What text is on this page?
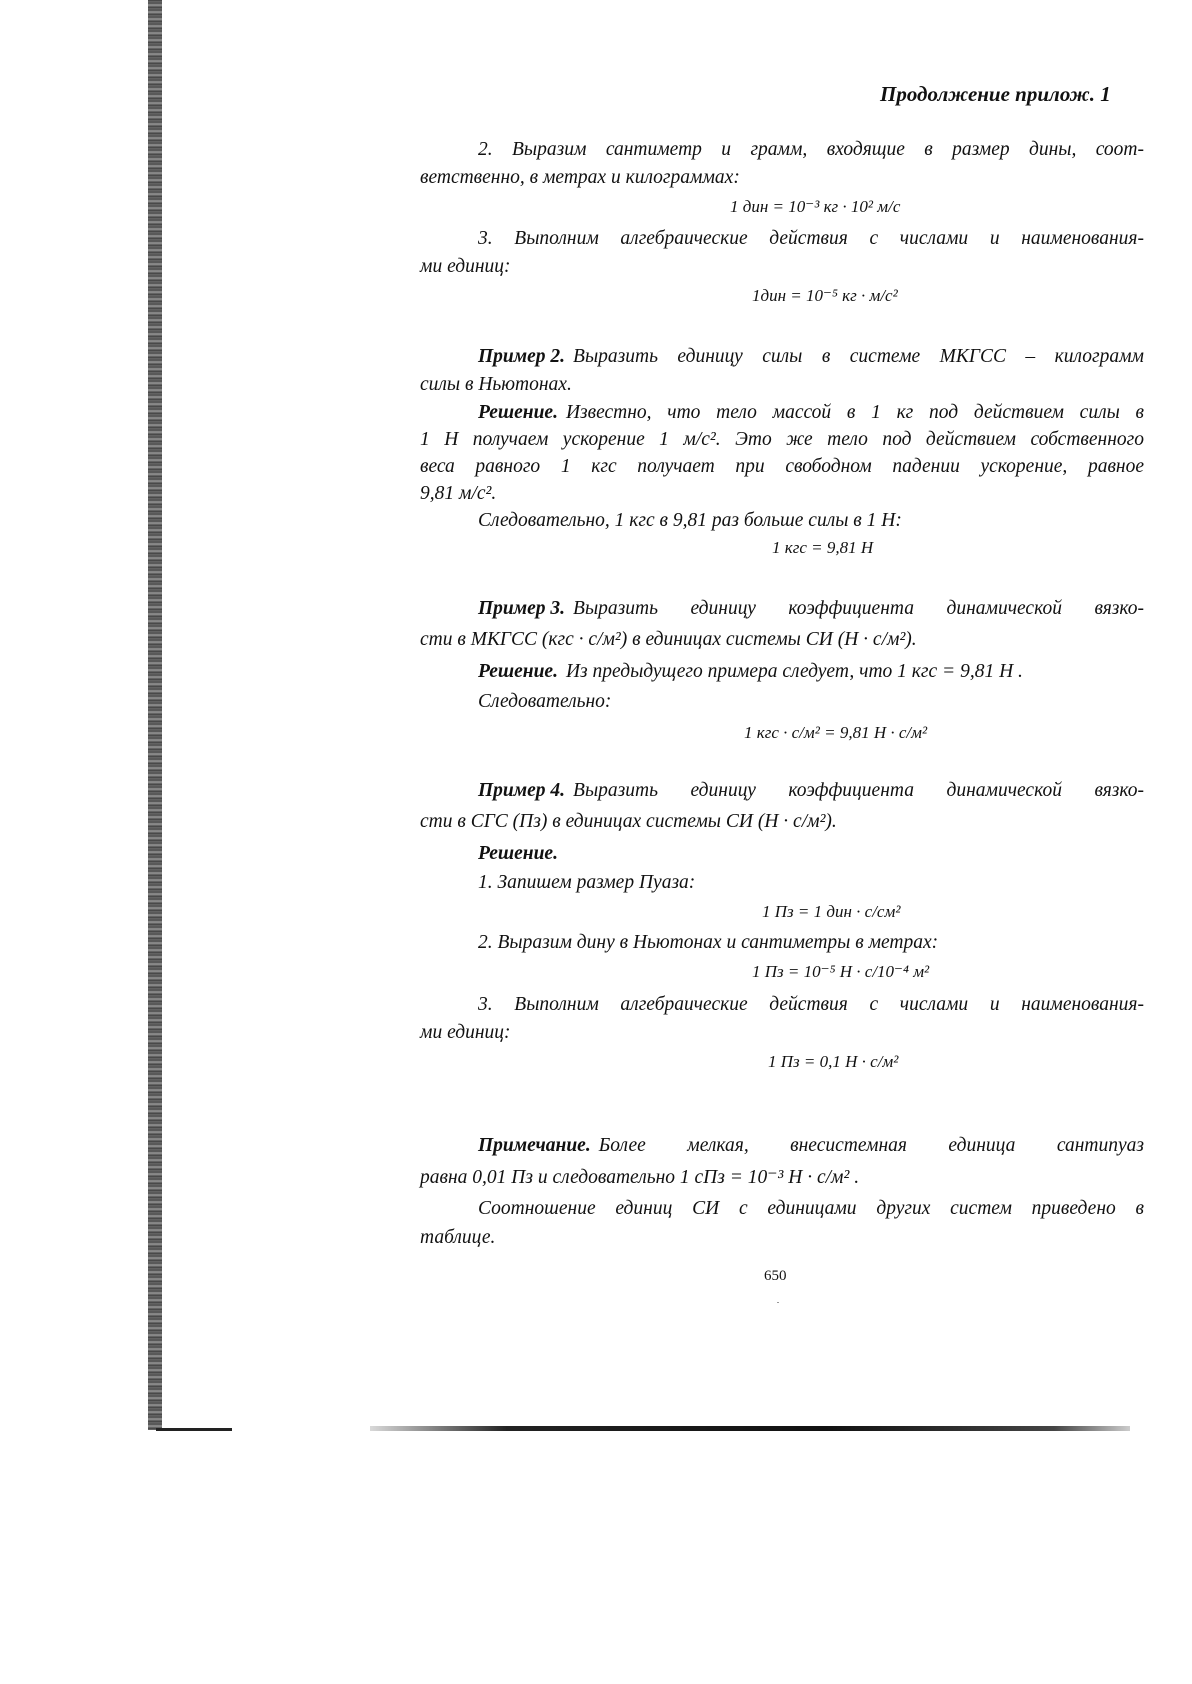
Продолжение прилож. 1
2. Выразим сантиметр и грамм, входящие в размер дины, соот-
ветственно, в метрах и килограммах:
1 дин = 10⁻³ кг · 10² м/с
3. Выполним алгебраические действия с числами и наименования-
ми единиц:
1дин = 10⁻⁵ кг · м/с²
Пример 2. Выразить единицу силы в системе МКГСС – килограмм
силы в Ньютонах.
Решение. Известно, что тело массой в 1 кг под действием силы в
1 Н получаем ускорение 1 м/с². Это же тело под действием собственного
веса равного 1 кгс получает при свободном падении ускорение, равное
9,81 м/с².
Следовательно, 1 кгс в 9,81 раз больше силы в 1 Н:
1 кгс = 9,81 Н
Пример 3. Выразить единицу коэффициента динамической вязко-
сти в МКГСС (кгс · с/м²) в единицах системы СИ (Н · с/м²).
Решение. Из предыдущего примера следует, что 1 кгс = 9,81 Н .
Следовательно:
1 кгс · с/м² = 9,81 Н · с/м²
Пример 4. Выразить единицу коэффициента динамической вязко-
сти в СГС (Пз) в единицах системы СИ (Н · с/м²).
Решение.
1. Запишем размер Пуаза:
1 Пз = 1 дин · с/см²
2. Выразим дину в Ньютонах и сантиметры в метрах:
1 Пз = 10⁻⁵ Н · с/10⁻⁴ м²
3. Выполним алгебраические действия с числами и наименования-
ми единиц:
1 Пз = 0,1 Н · с/м²
Примечание. Более мелкая, внесистемная единица сантипуаз
равна 0,01 Пз и следовательно 1 сПз = 10⁻³ Н · с/м² .
Соотношение единиц СИ с единицами других систем приведено в
таблице.
650
